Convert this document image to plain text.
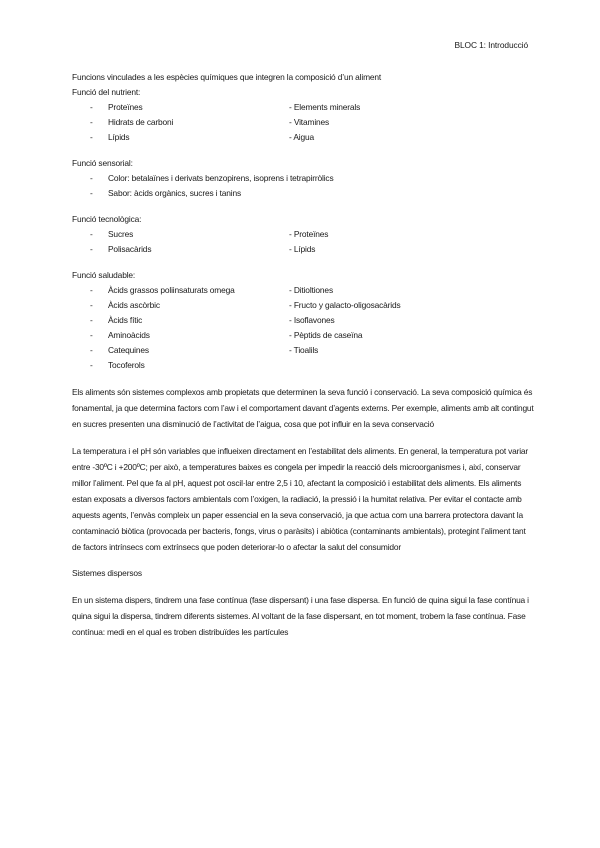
BLOC 1: Introducció
Funcions vinculades a les espècies químiques que integren la composició d’un aliment
Funció del nutrient:
-	Proteïnes	- Elements minerals
-	Hidrats de carboni	- Vitamines
-	Lípids	- Aigua
Funció sensorial:
-	Color: betalaïnes i derivats benzopirens, isoprens i tetrapirròlics
-	Sabor: àcids orgànics, sucres i tanins
Funció tecnològica:
-	Sucres	- Proteïnes
-	Polisacàrids	- Lípids
Funció saludable:
-	Àcids grassos poliinsaturats omega	- Ditioltiones
-	Àcids ascòrbic	- Fructo y galacto-oligosacàrids
-	Àcids fític	- Isoflavones
-	Aminoàcids	- Pèptids de caseïna
-	Catequines	- Tioalils
-	Tocoferols

Els aliments són sistemes complexos amb propietats que determinen la seva funció i conservació. La seva composició química és fonamental, ja que determina factors com l’aw i el comportament davant d’agents externs. Per exemple, aliments amb alt contingut en sucres presenten una disminució de l’activitat de l’aigua, cosa que pot influir en la seva conservació

La temperatura i el pH són variables que influeixen directament en l’estabilitat dels aliments. En general, la temperatura pot variar entre -30ºC i +200ºC; per això, a temperatures baixes es congela per impedir la reacció dels microorganismes i, així, conservar millor l’aliment. Pel que fa al pH, aquest pot oscil·lar entre 2,5 i 10, afectant la composició i estabilitat dels aliments. Els aliments estan exposats a diversos factors ambientals com l’oxigen, la radiació, la pressió i la humitat relativa. Per evitar el contacte amb aquests agents, l’envàs compleix un paper essencial en la seva conservació, ja que actua com una barrera protectora davant la contaminació biòtica (provocada per bacteris, fongs, virus o paràsits) i abiòtica (contaminants ambientals), protegint l’aliment tant de factors intrínsecs com extrínsecs que poden deteriorar-lo o afectar la salut del consumidor

Sistemes dispersos

En un sistema dispers, tindrem una fase contínua (fase dispersant) i una fase dispersa. En funció de quina sigui la fase contínua i quina sigui la dispersa, tindrem diferents sistemes. Al voltant de la fase dispersant, en tot moment, trobem la fase contínua. Fase contínua: medi en el qual es troben distribuïdes les partícules
